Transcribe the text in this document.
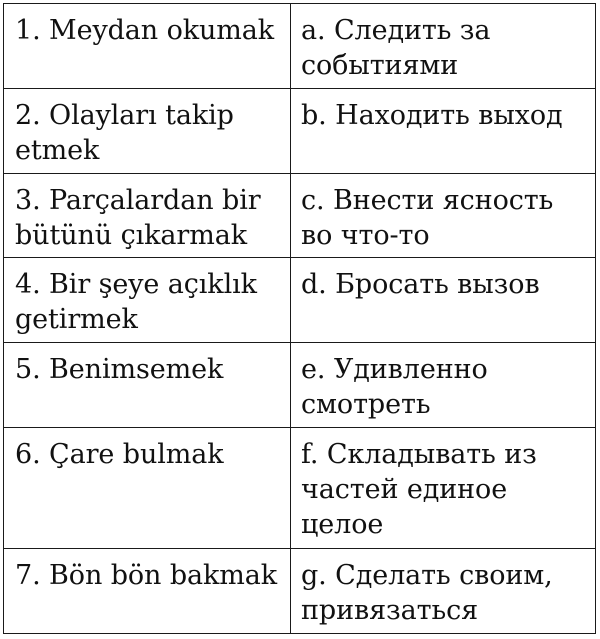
1. Meydan okumak	a. Следить за событиями
2. Olayları takip etmek	b. Находить выход
3. Parçalardan bir bütünü çıkarmak	c. Внести ясность во что-то
4. Bir şeye açıklık getirmek	d. Бросать вызов
5. Benimsemek	e. Удивленно смотреть
6. Çare bulmak	f. Складывать из частей единое целое
7. Bön bön bakmak	g. Сделать своим, привязаться
